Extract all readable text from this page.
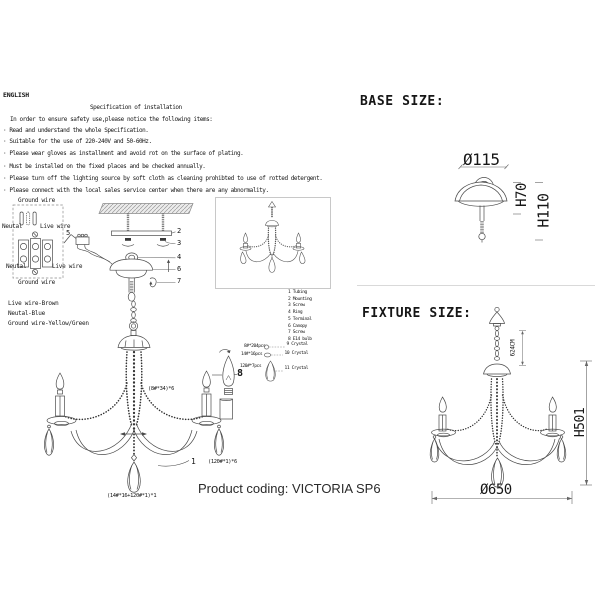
ENGLISH
Specification of installation
In order to ensure safety use,please notice the following items:
· Read and understand the whole Specification.
· Suitable for the use of 220-240V and 50-60Hz.
· Please wear gloves as installment and avoid rot on the surface of plating.
· Must be installed on the fixed places and be checked annually.
· Please turn off the lighting source by soft cloth as cleaning prohibted to use of rotted detergent.
· Please connect with the local sales service center when there are any abnormality.
Ground wire
Neutal	Live wire
Neutal	Live wire
Ground wire
5
Live wire-Brown
Neutal-Blue
Ground wire-Yellow/Green
2
3
4
6
7
1 Tubing
2 Mounting
3 Screw
4 Ring
5 Terminal
6 Canopy
7 Screw
8 E14 bulb
9 Crystal
10 Crystal
11 Crystal
8#*204pcs
14#*16pcs
120#*7pcs
(8#*34)*6
1 (120#*1)*6
(14#*16+120#*1)*1
8
BASE SIZE:
FIXTURE SIZE:
Ø115
H70 H110
624CM
H501
Ø650
Product coding: VICTORIA SP6
